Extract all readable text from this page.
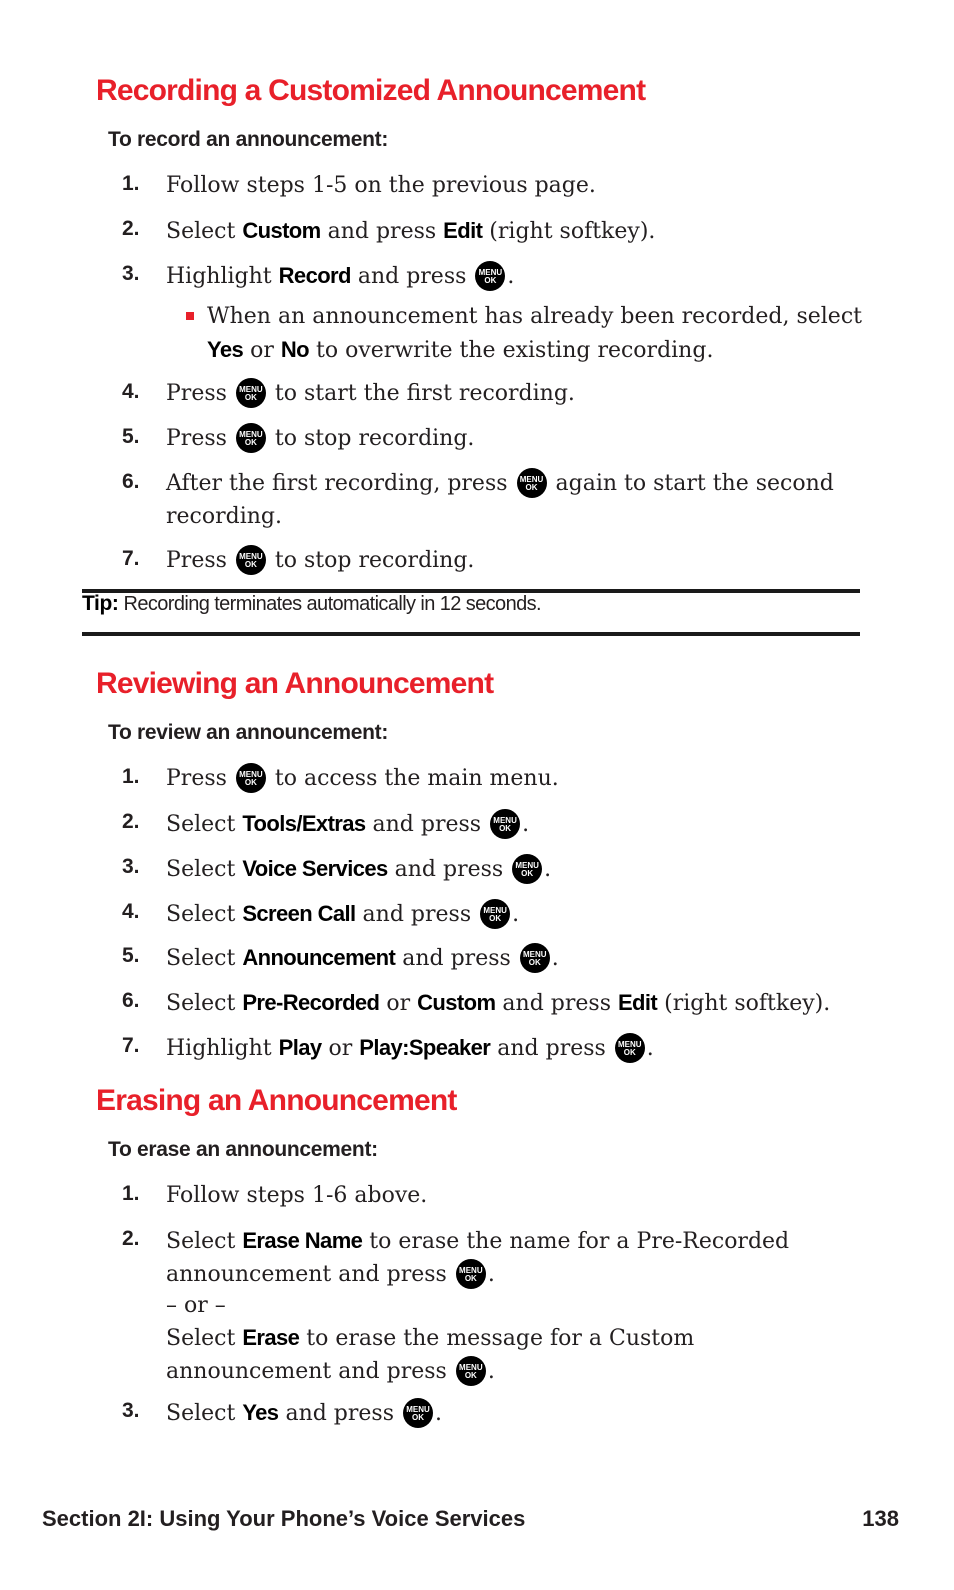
Recording a Customized Announcement
To record an announcement:
1.	Follow steps 1-5 on the previous page.
2.	Select Custom and press Edit (right softkey).
3.	Highlight Record and press MENU
OK .
When an announcement has already been recorded, select Yes or No to overwrite the existing recording.
4.	Press MENU
OK to start the first recording.
5.	Press MENU
OK to stop recording.
6.	After the first recording, press MENU
OK again to start the second recording.
7.	Press MENU
OK to stop recording.
Tip: Recording terminates automatically in 12 seconds.
Reviewing an Announcement
To review an announcement:
1.	Press MENU
OK to access the main menu.
2.	Select Tools/Extras and press MENU
OK .
3.	Select Voice Services and press MENU
OK .
4.	Select Screen Call and press MENU
OK .
5.	Select Announcement and press MENU
OK .
6.	Select Pre-Recorded or Custom and press Edit (right softkey).
7.	Highlight Play or Play:Speaker and press MENU
OK .
Erasing an Announcement
To erase an announcement:
1.	Follow steps 1-6 above.
2.	Select Erase Name to erase the name for a Pre-Recorded announcement and press MENU
OK .
– or –
Select Erase to erase the message for a Custom announcement and press MENU
OK .
3.	Select Yes and press MENU
OK .
Section 2I: Using Your Phone’s Voice Services	138
